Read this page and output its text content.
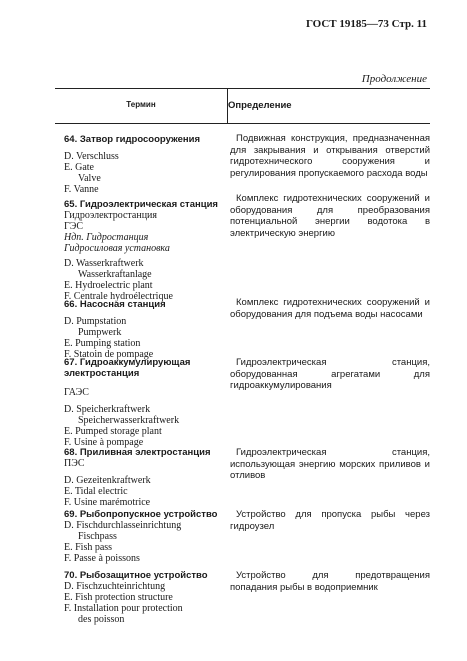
ГОСТ 19185—73 Стр. 11
Продолжение
Термин	Определение
64. Затвор гидросооружения
D. Verschluss
E. Gate
Valve
F. Vanne
Подвижная конструкция, предназначенная для закрывания и открывания отверстий гидротехнического сооружения и регулирования пропускаемого расхода воды
65. Гидроэлектрическая станция
Гидроэлектростанция
ГЭС
Ндп. Гидростанция
Гидросиловая установка
D. Wasserkraftwerk
Wasserkraftanlage
E. Hydroelectric plant
F. Centrale hydroélectrique
Комплекс гидротехнических сооружений и оборудования для преобразования потенциальной энергии водотока в электрическую энергию
66. Насосная станция
D. Pumpstation
Pumpwerk
E. Pumping station
F. Statoin de pompage
Комплекс гидротехнических сооружений и оборудования для подъема воды насосами
67. Гидроаккумулирующая электростанция
ГАЭС
D. Speicherkraftwerk
Speicherwasserkraftwerk
E. Pumped storage plant
F. Usine à pompage
Гидроэлектрическая станция, оборудованная агрегатами для гидроаккумулирования
68. Приливная электростанция
ПЭС
D. Gezeitenkraftwerk
E. Tidal electric
F. Usine marémotrice
Гидроэлектрическая станция, использующая энергию морских приливов и отливов
69. Рыбопропускное устройство
D. Fischdurchlasseinrichtung
Fischpass
E. Fish pass
F. Passe à poissons
Устройство для пропуска рыбы через гидроузел
70. Рыбозащитное устройство
D. Fischzuchteinrichtung
E. Fish protection structure
F. Installation pour protection
des poisson
Устройство для предотвращения попадания рыбы в водоприемник
